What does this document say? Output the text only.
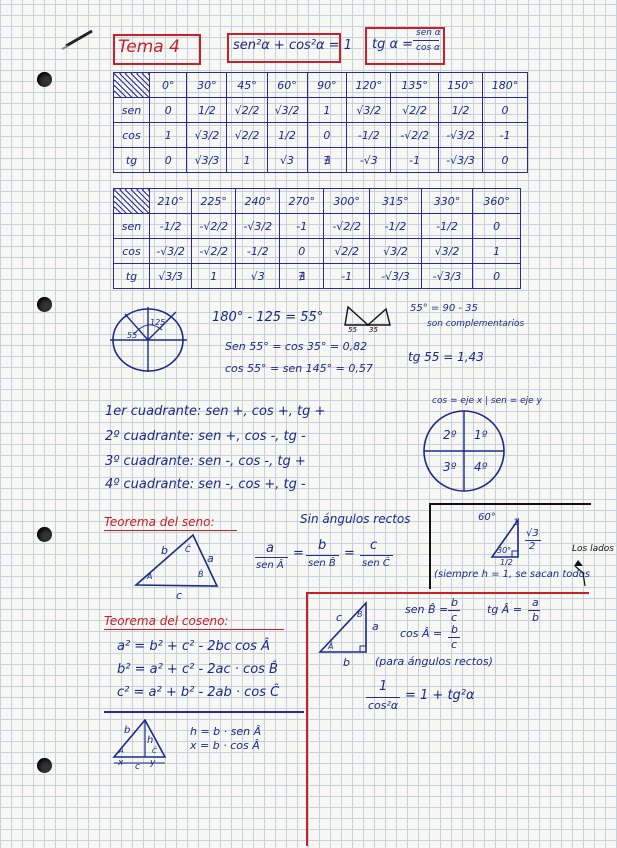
Tema 4	sen²α + cos²α = 1 tg α =
sen α
cos α
	0°	30°	45°	60°	90°	120°	135°	150°	180°
sen	0	1/2	√2/2	√3/2	1	√3/2	√2/2	1/2	0
cos	1	√3/2	√2/2	1/2	0	-1/2	-√2/2	-√3/2	-1
tg	0	√3/3	1	√3	∄	-√3	-1	-√3/3	0
	210°	225°	240°	270°	300°	315°	330°	360°
sen	-1/2	-√2/2	-√3/2	-1	-√2/2	-1/2	-1/2	0
cos	-√3/2	-√2/2	-1/2	0	√2/2	√3/2	√3/2	1
tg	√3/3	1	√3	∄	-1	-√3/3	-√3/3	0
55
125	180° - 125 = 55°
Sen 55° = cos 35° = 0,82
cos 55° = sen 145° = 0,57
55 35
55° = 90 - 35
son complementarios
tg 55 = 1,43
1er cuadrante: sen +, cos +, tg +
2º cuadrante: sen +, cos -, tg -
3º cuadrante: sen -, cos -, tg +
4º cuadrante: sen -, cos +, tg -
cos = eje x | sen = eje y
2º 1º
3º 4º
Teorema del seno:	Sin ángulos rectos
b
a
c
Â	B̂
Ĉ	a
sen Â
=
b
sen B̂
=
c
sen Ĉ
60° 1
√3
2
30°
1/2
Los lados
(siempre h = 1, se sacan todos
Teorema del coseno:
a² = b² + c² - 2bc cos Â
b² = a² + c² - 2ac · cos B̂
c² = a² + b² - 2ab · cos Ĉ
c B̂
a
Â
b
sen B̂ =
b
c
tg Â =
a
b
cos Â = b
c
(para ángulos rectos)
1
cos²α
= 1 + tg²α
b
h
x c y
Â	Ĉ
h = b · sen Â
x = b · cos Â
